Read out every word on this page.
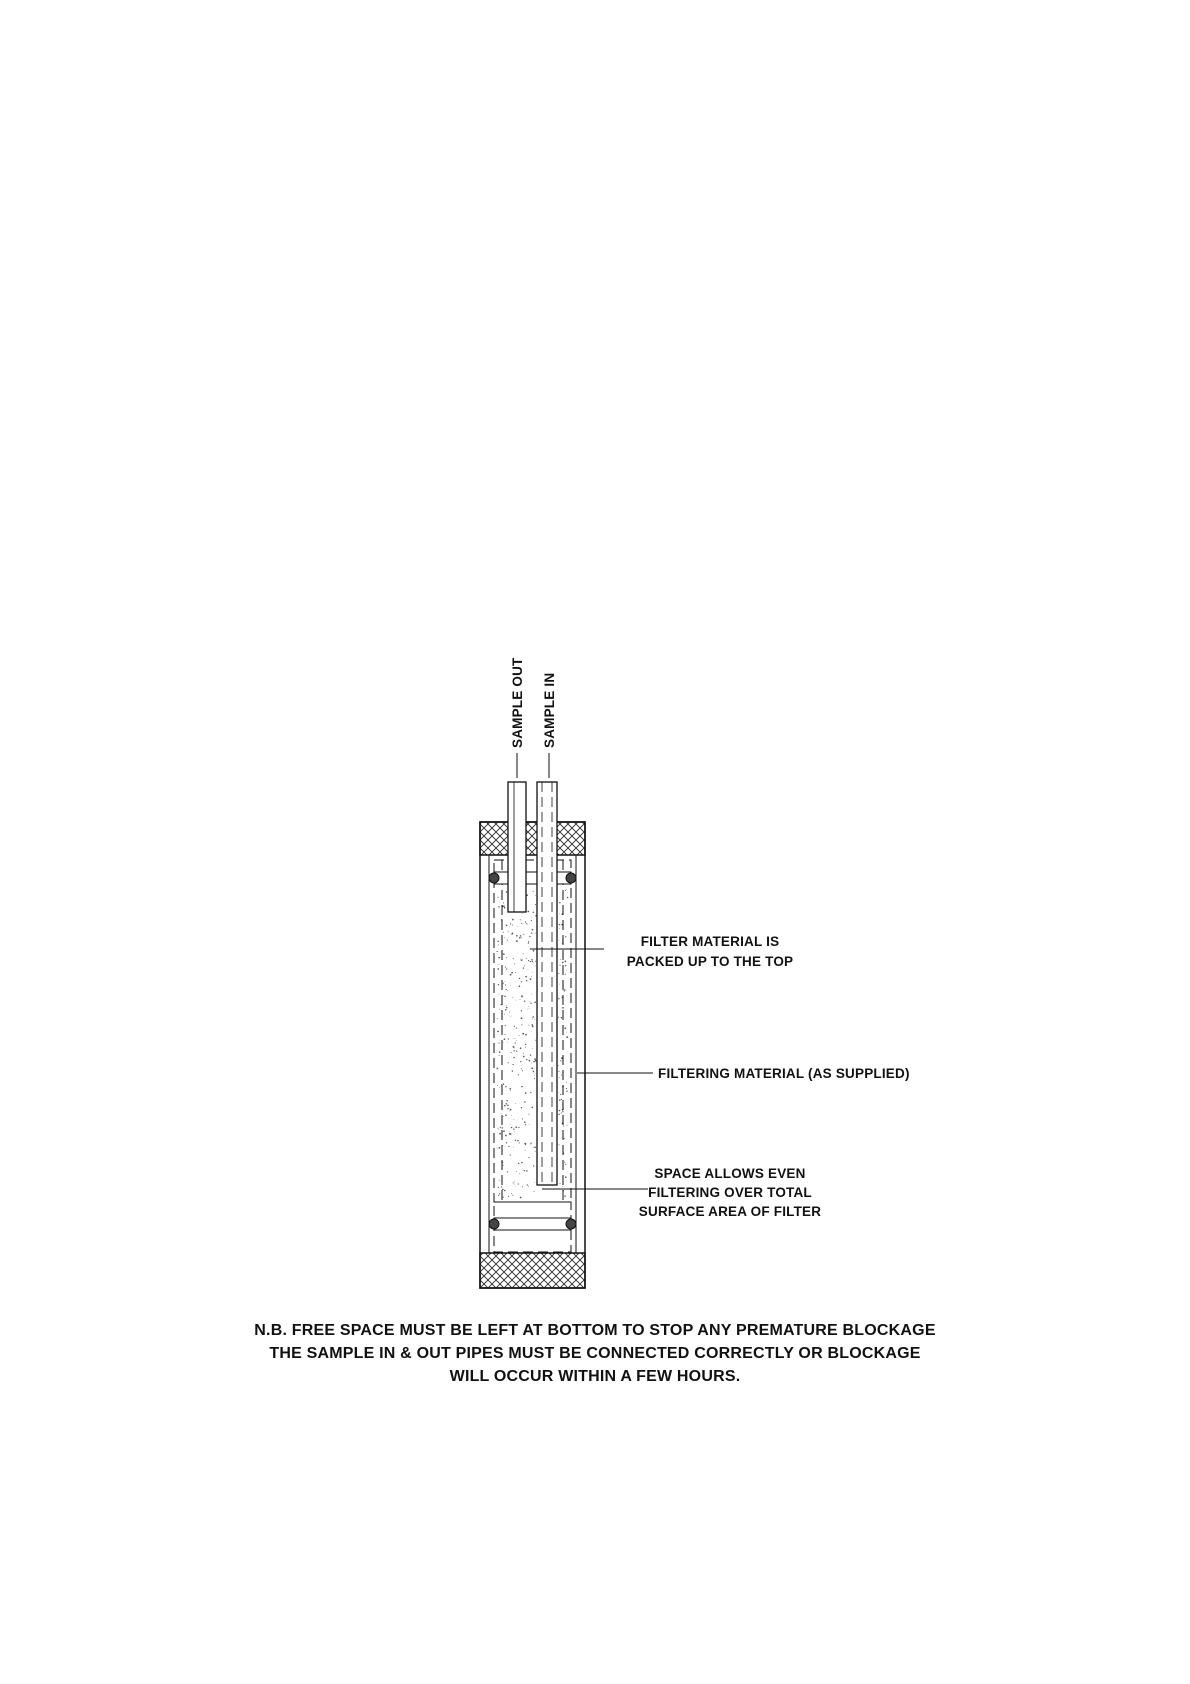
SAMPLE OUT SAMPLE IN
FILTER MATERIAL IS
PACKED UP TO THE TOP
FILTERING MATERIAL (AS SUPPLIED)
SPACE ALLOWS EVEN
FILTERING OVER TOTAL
SURFACE AREA OF FILTER
N.B. FREE SPACE MUST BE LEFT AT BOTTOM TO STOP ANY PREMATURE BLOCKAGE
THE SAMPLE IN & OUT PIPES MUST BE CONNECTED CORRECTLY OR BLOCKAGE
WILL OCCUR WITHIN A FEW HOURS.
